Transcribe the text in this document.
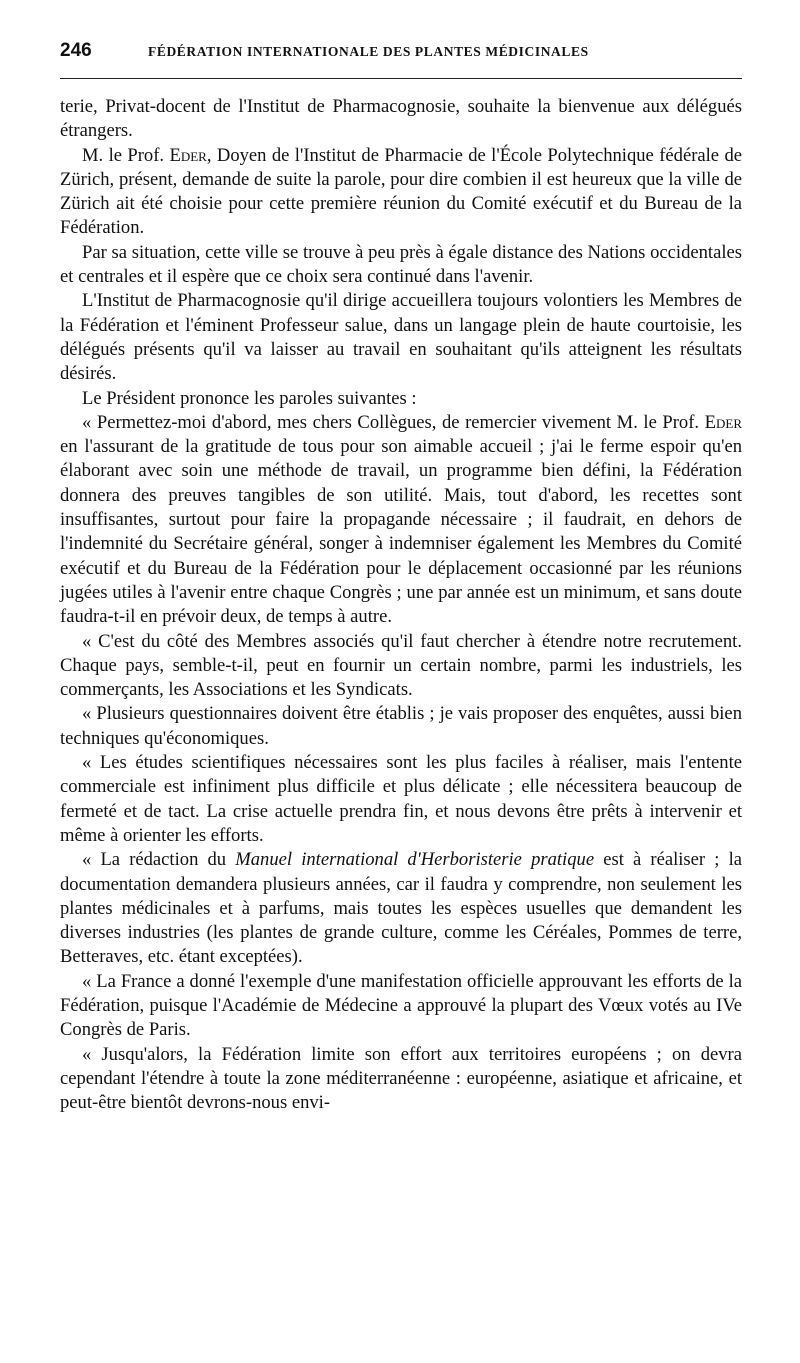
246	FÉDÉRATION INTERNATIONALE DES PLANTES MÉDICINALES

terie, Privat-docent de l'Institut de Pharmacognosie, souhaite la bienvenue aux délégués étrangers.

M. le Prof. Eder, Doyen de l'Institut de Pharmacie de l'École Polytechnique fédérale de Zürich, présent, demande de suite la parole, pour dire combien il est heureux que la ville de Zürich ait été choisie pour cette première réunion du Comité exécutif et du Bureau de la Fédération.

Par sa situation, cette ville se trouve à peu près à égale distance des Nations occidentales et centrales et il espère que ce choix sera continué dans l'avenir.

L'Institut de Pharmacognosie qu'il dirige accueillera toujours volontiers les Membres de la Fédération et l'éminent Professeur salue, dans un langage plein de haute courtoisie, les délégués présents qu'il va laisser au travail en souhaitant qu'ils atteignent les résultats désirés.

Le Président prononce les paroles suivantes :

« Permettez-moi d'abord, mes chers Collègues, de remercier vivement M. le Prof. Eder en l'assurant de la gratitude de tous pour son aimable accueil ; j'ai le ferme espoir qu'en élaborant avec soin une méthode de travail, un programme bien défini, la Fédération donnera des preuves tangibles de son utilité. Mais, tout d'abord, les recettes sont insuffisantes, surtout pour faire la propagande nécessaire ; il faudrait, en dehors de l'indemnité du Secrétaire général, songer à indemniser également les Membres du Comité exécutif et du Bureau de la Fédération pour le déplacement occasionné par les réunions jugées utiles à l'avenir entre chaque Congrès ; une par année est un minimum, et sans doute faudra-t-il en prévoir deux, de temps à autre.

« C'est du côté des Membres associés qu'il faut chercher à étendre notre recrutement. Chaque pays, semble-t-il, peut en fournir un certain nombre, parmi les industriels, les commerçants, les Associations et les Syndicats.

« Plusieurs questionnaires doivent être établis ; je vais proposer des enquêtes, aussi bien techniques qu'économiques.

« Les études scientifiques nécessaires sont les plus faciles à réaliser, mais l'entente commerciale est infiniment plus difficile et plus délicate ; elle nécessitera beaucoup de fermeté et de tact. La crise actuelle prendra fin, et nous devons être prêts à intervenir et même à orienter les efforts.

« La rédaction du Manuel international d'Herboristerie pratique est à réaliser ; la documentation demandera plusieurs années, car il faudra y comprendre, non seulement les plantes médicinales et à parfums, mais toutes les espèces usuelles que demandent les diverses industries (les plantes de grande culture, comme les Céréales, Pommes de terre, Betteraves, etc. étant exceptées).

« La France a donné l'exemple d'une manifestation officielle approuvant les efforts de la Fédération, puisque l'Académie de Médecine a approuvé la plupart des Vœux votés au IVe Congrès de Paris.

« Jusqu'alors, la Fédération limite son effort aux territoires européens ; on devra cependant l'étendre à toute la zone méditerranéenne : européenne, asiatique et africaine, et peut-être bientôt devrons-nous envi-
